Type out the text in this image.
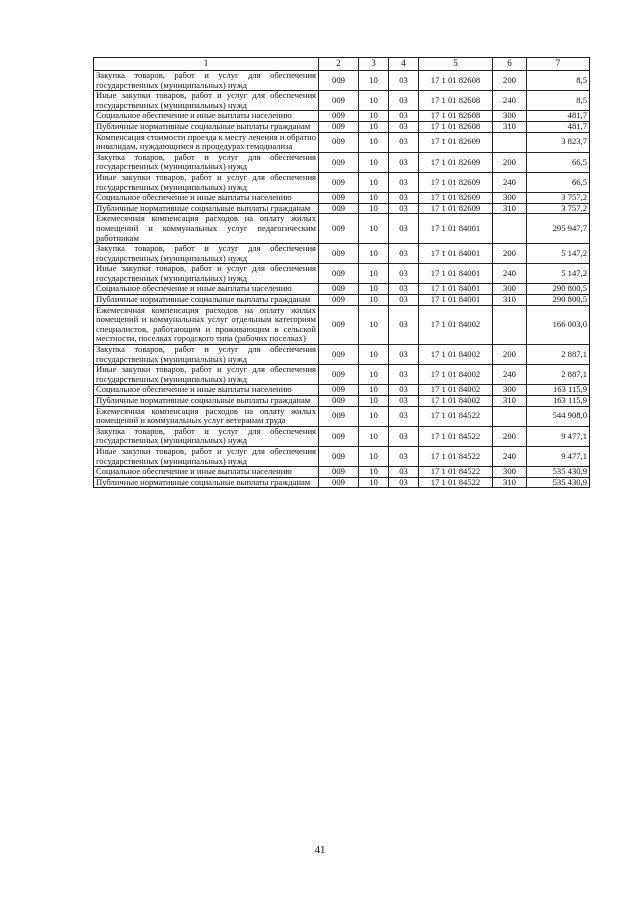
1	2	3	4	5	6	7
Закупка товаров, работ и услуг для обеспечения государственных (муниципальных) нужд	009	10	03	17 1 01 82608	200	8,5
Иные закупки товаров, работ и услуг для обеспечения государственных (муниципальных) нужд	009	10	03	17 1 01 82608	240	8,5
Социальное обеспечение и иные выплаты населению	009	10	03	17 1 01 82608	300	481,7
Публичные нормативные социальные выплаты гражданам	009	10	03	17 1 01 82608	310	481,7
Компенсация стоимости проезда к месту лечения и обратно инвалидам, нуждающимся в процедурах гемодиализа	009	10	03	17 1 01 82609		3 823,7
Закупка товаров, работ и услуг для обеспечения государственных (муниципальных) нужд	009	10	03	17 1 01 82609	200	66,5
Иные закупки товаров, работ и услуг для обеспечения государственных (муниципальных) нужд	009	10	03	17 1 01 82609	240	66,5
Социальное обеспечение и иные выплаты населению	009	10	03	17 1 01 82609	300	3 757,2
Публичные нормативные социальные выплаты гражданам	009	10	03	17 1 01 82609	310	3 757,2
Ежемесячная компенсация расходов на оплату жилых помещений и коммунальных услуг педагогическим работникам	009	10	03	17 1 01 84001		295 947,7
Закупка товаров, работ и услуг для обеспечения государственных (муниципальных) нужд	009	10	03	17 1 01 84001	200	5 147,2
Иные закупки товаров, работ и услуг для обеспечения государственных (муниципальных) нужд	009	10	03	17 1 01 84001	240	5 147,2
Социальное обеспечение и иные выплаты населению	009	10	03	17 1 01 84001	300	290 800,5
Публичные нормативные социальные выплаты гражданам	009	10	03	17 1 01 84001	310	290 800,5
Ежемесячная компенсация расходов на оплату жилых помещений и коммунальных услуг отдельным категориям специалистов, работающим и проживающим в сельской местности, поселках городского типа (рабочих поселках)	009	10	03	17 1 01 84002		166 003,0
Закупка товаров, работ и услуг для обеспечения государственных (муниципальных) нужд	009	10	03	17 1 01 84002	200	2 887,1
Иные закупки товаров, работ и услуг для обеспечения государственных (муниципальных) нужд	009	10	03	17 1 01 84002	240	2 887,1
Социальное обеспечение и иные выплаты населению	009	10	03	17 1 01 84002	300	163 115,9
Публичные нормативные социальные выплаты гражданам	009	10	03	17 1 01 84002	310	163 115,9
Ежемесячная компенсация расходов на оплату жилых помещений и коммунальных услуг ветеранам труда	009	10	03	17 1 01 84522		544 908,0
Закупка товаров, работ и услуг для обеспечения государственных (муниципальных) нужд	009	10	03	17 1 01 84522	200	9 477,1
Иные закупки товаров, работ и услуг для обеспечения государственных (муниципальных) нужд	009	10	03	17 1 01 84522	240	9 477,1
Социальное обеспечение и иные выплаты населению	009	10	03	17 1 01 84522	300	535 430,9
Публичные нормативные социальные выплаты гражданам	009	10	03	17 1 01 84522	310	535 430,9
41
